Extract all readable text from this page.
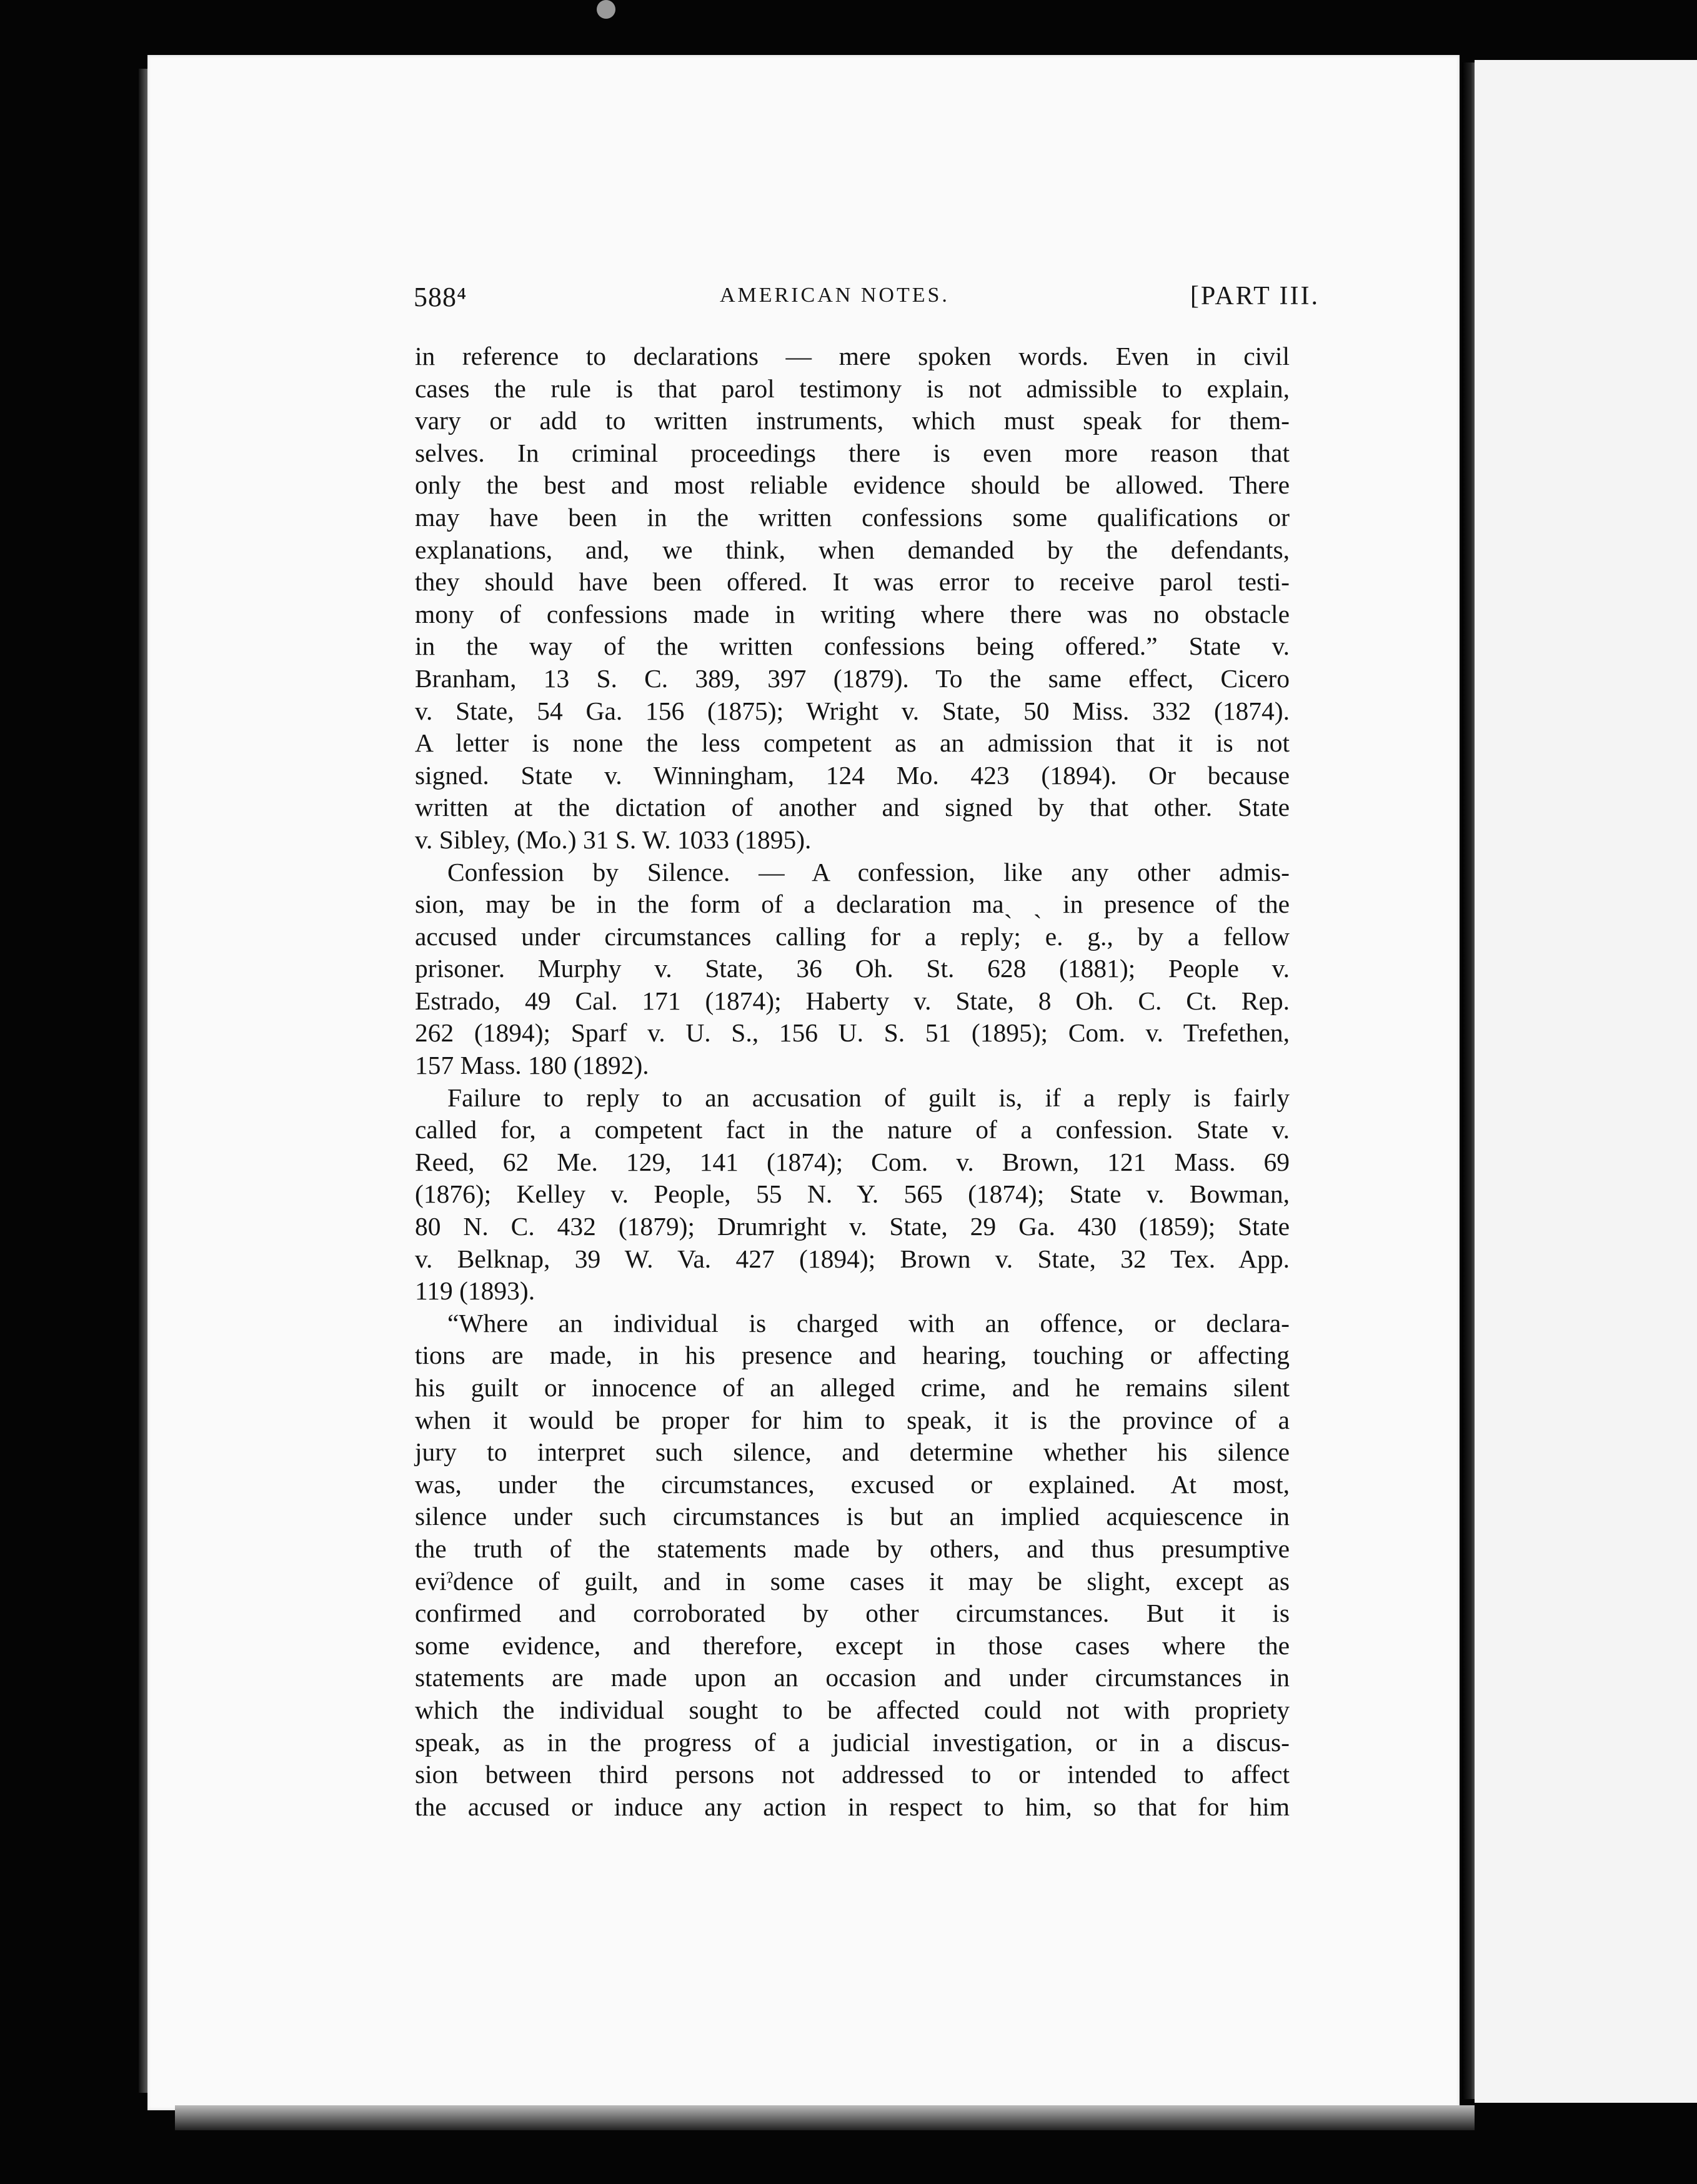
588⁴	AMERICAN NOTES.	[PART III.
in reference to declarations — mere spoken words. Even in civil
cases the rule is that parol testimony is not admissible to explain,
vary or add to written instruments, which must speak for them-
selves. In criminal proceedings there is even more reason that
only the best and most reliable evidence should be allowed. There
may have been in the written confessions some qualifications or
explanations, and, we think, when demanded by the defendants,
they should have been offered. It was error to receive parol testi-
mony of confessions made in writing where there was no obstacle
in the way of the written confessions being offered.” State v.
Branham, 13 S. C. 389, 397 (1879). To the same effect, Cicero
v. State, 54 Ga. 156 (1875); Wright v. State, 50 Miss. 332 (1874).
A letter is none the less competent as an admission that it is not
signed. State v. Winningham, 124 Mo. 423 (1894). Or because
written at the dictation of another and signed by that other. State
v. Sibley, (Mo.) 31 S. W. 1033 (1895).
Confession by Silence. — A confession, like any other admis-
sion, may be in the form of a declaration maˎ ˎ in presence of the
accused under circumstances calling for a reply; e. g., by a fellow
prisoner. Murphy v. State, 36 Oh. St. 628 (1881); People v.
Estrado, 49 Cal. 171 (1874); Haberty v. State, 8 Oh. C. Ct. Rep.
262 (1894); Sparf v. U. S., 156 U. S. 51 (1895); Com. v. Trefethen,
157 Mass. 180 (1892).
Failure to reply to an accusation of guilt is, if a reply is fairly
called for, a competent fact in the nature of a confession. State v.
Reed, 62 Me. 129, 141 (1874); Com. v. Brown, 121 Mass. 69
(1876); Kelley v. People, 55 N. Y. 565 (1874); State v. Bowman,
80 N. C. 432 (1879); Drumright v. State, 29 Ga. 430 (1859); State
v. Belknap, 39 W. Va. 427 (1894); Brown v. State, 32 Tex. App.
119 (1893).
“Where an individual is charged with an offence, or declara-
tions are made, in his presence and hearing, touching or affecting
his guilt or innocence of an alleged crime, and he remains silent
when it would be proper for him to speak, it is the province of a
jury to interpret such silence, and determine whether his silence
was, under the circumstances, excused or explained. At most,
silence under such circumstances is but an implied acquiescence in
the truth of the statements made by others, and thus presumptive
eviˀdence of guilt, and in some cases it may be slight, except as
confirmed and corroborated by other circumstances. But it is
some evidence, and therefore, except in those cases where the
statements are made upon an occasion and under circumstances in
which the individual sought to be affected could not with propriety
speak, as in the progress of a judicial investigation, or in a discus-
sion between third persons not addressed to or intended to affect
the accused or induce any action in respect to him, so that for him
